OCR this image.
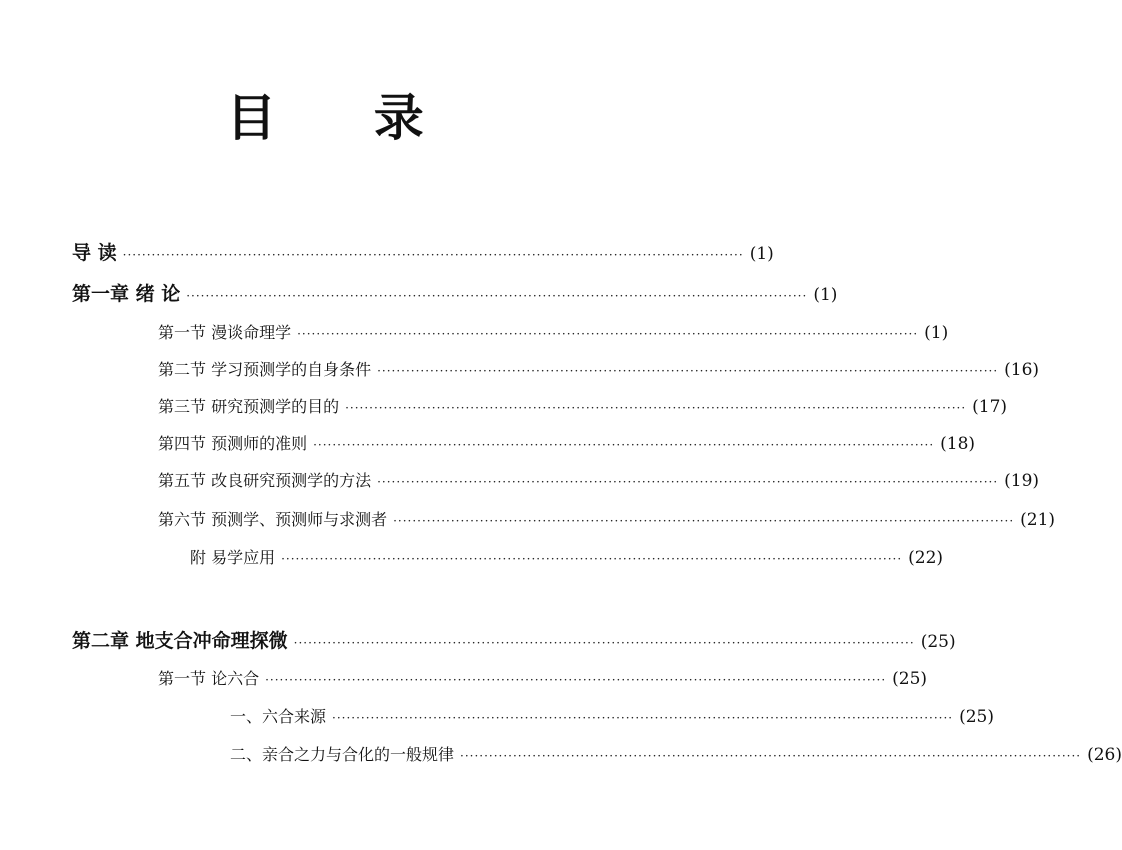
目 录
导 读 ································································································································· (1)
第一章 绪 论 ································································································································· (1)
第一节 漫谈命理学 ································································································································· (1)
第二节 学习预测学的自身条件 ································································································································· (16)
第三节 研究预测学的目的 ································································································································· (17)
第四节 预测师的准则 ································································································································· (18)
第五节 改良研究预测学的方法 ································································································································· (19)
第六节 预测学、预测师与求测者 ································································································································· (21)
附 易学应用 ································································································································· (22)
第二章 地支合冲命理探微 ································································································································· (25)
第一节 论六合 ································································································································· (25)
一、六合来源 ································································································································· (25)
二、亲合之力与合化的一般规律 ································································································································· (26)
